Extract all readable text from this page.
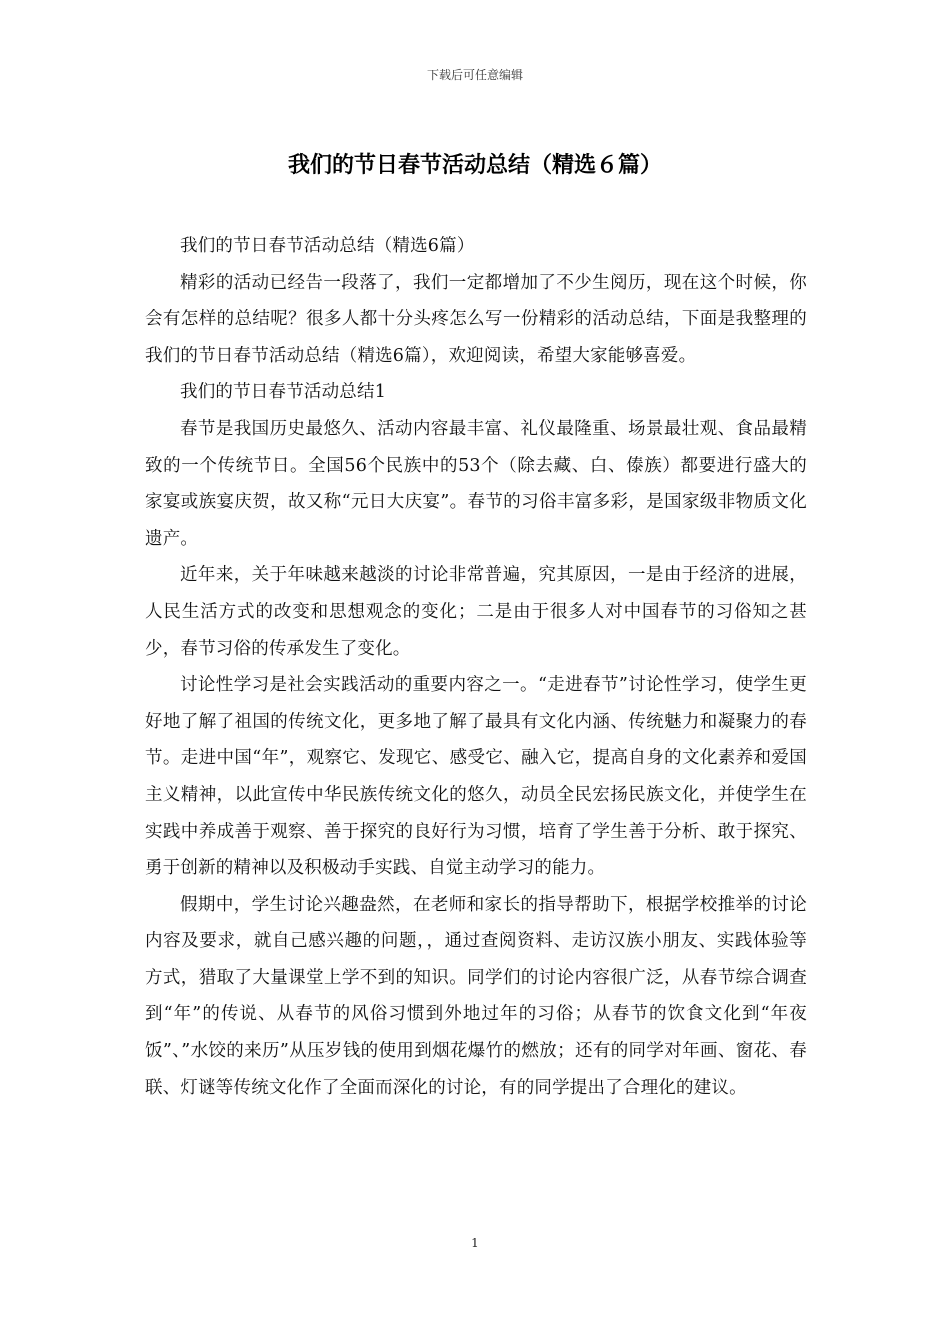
下载后可任意编辑
我们的节日春节活动总结（精选６篇）

我们的节日春节活动总结（精选6篇）

精彩的活动已经告一段落了，我们一定都增加了不少生阅历，现在这个时候，你会有怎样的总结呢？很多人都十分头疼怎么写一份精彩的活动总结，下面是我整理的我们的节日春节活动总结（精选6篇），欢迎阅读，希望大家能够喜爱。

我们的节日春节活动总结1

春节是我国历史最悠久、活动内容最丰富、礼仪最隆重、场景最壮观、食品最精致的一个传统节日。全国56个民族中的53个（除去藏、白、傣族）都要进行盛大的家宴或族宴庆贺，故又称“元日大庆宴”。春节的习俗丰富多彩，是国家级非物质文化遗产。

近年来，关于年味越来越淡的讨论非常普遍，究其原因，一是由于经济的进展，人民生活方式的改变和思想观念的变化；二是由于很多人对中国春节的习俗知之甚少，春节习俗的传承发生了变化。

讨论性学习是社会实践活动的重要内容之一。“走进春节”讨论性学习，使学生更好地了解了祖国的传统文化，更多地了解了最具有文化内涵、传统魅力和凝聚力的春节。走进中国“年”，观察它、发现它、感受它、融入它，提高自身的文化素养和爱国主义精神，以此宣传中华民族传统文化的悠久，动员全民宏扬民族文化，并使学生在实践中养成善于观察、善于探究的良好行为习惯，培育了学生善于分析、敢于探究、勇于创新的精神以及积极动手实践、自觉主动学习的能力。

假期中，学生讨论兴趣盎然，在老师和家长的指导帮助下，根据学校推举的讨论内容及要求，就自己感兴趣的问题，，通过查阅资料、走访汉族小朋友、实践体验等方式，猎取了大量课堂上学不到的知识。同学们的讨论内容很广泛，从春节综合调查到“年”的传说、从春节的风俗习惯到外地过年的习俗；从春节的饮食文化到“年夜饭”、”水饺的来历”从压岁钱的使用到烟花爆竹的燃放；还有的同学对年画、窗花、春联、灯谜等传统文化作了全面而深化的讨论，有的同学提出了合理化的建议。

1
